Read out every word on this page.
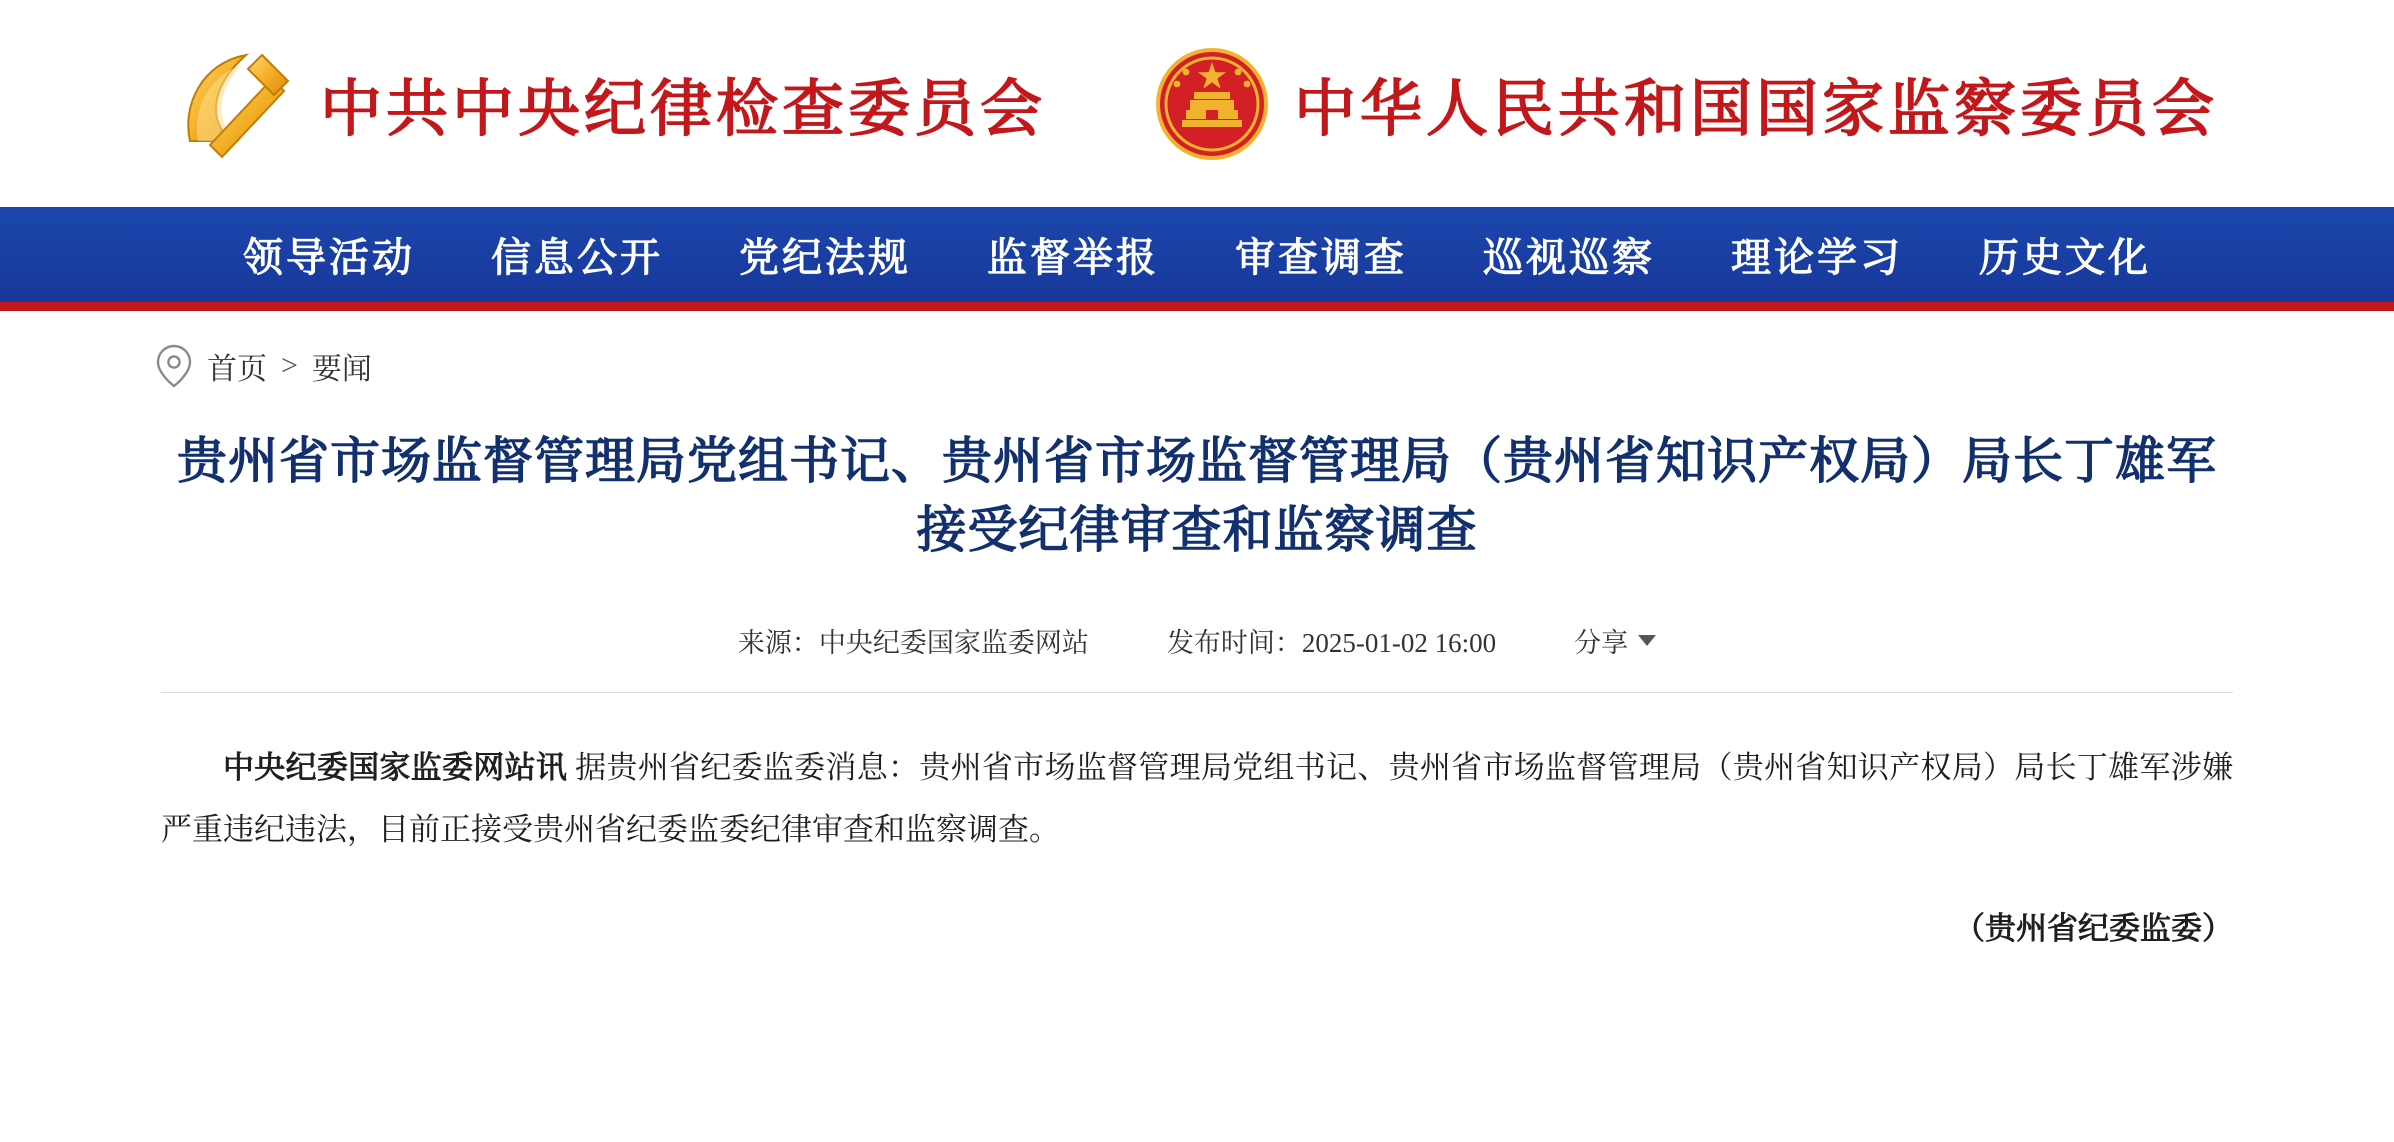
中共中央纪律检查委员会	中华人民共和国国家监察委员会
领导活动	信息公开	党纪法规	监督举报	审查调查	巡视巡察	理论学习	历史文化
首页 > 要闻
贵州省市场监督管理局党组书记、贵州省市场监督管理局（贵州省知识产权局）局长丁雄军接受纪律审查和监察调查
来源：中央纪委国家监委网站	发布时间：2025-01-02 16:00	分享

中央纪委国家监委网站讯 据贵州省纪委监委消息：贵州省市场监督管理局党组书记、贵州省市场监督管理局（贵州省知识产权局）局长丁雄军涉嫌严重违纪违法，目前正接受贵州省纪委监委纪律审查和监察调查。

（贵州省纪委监委）
